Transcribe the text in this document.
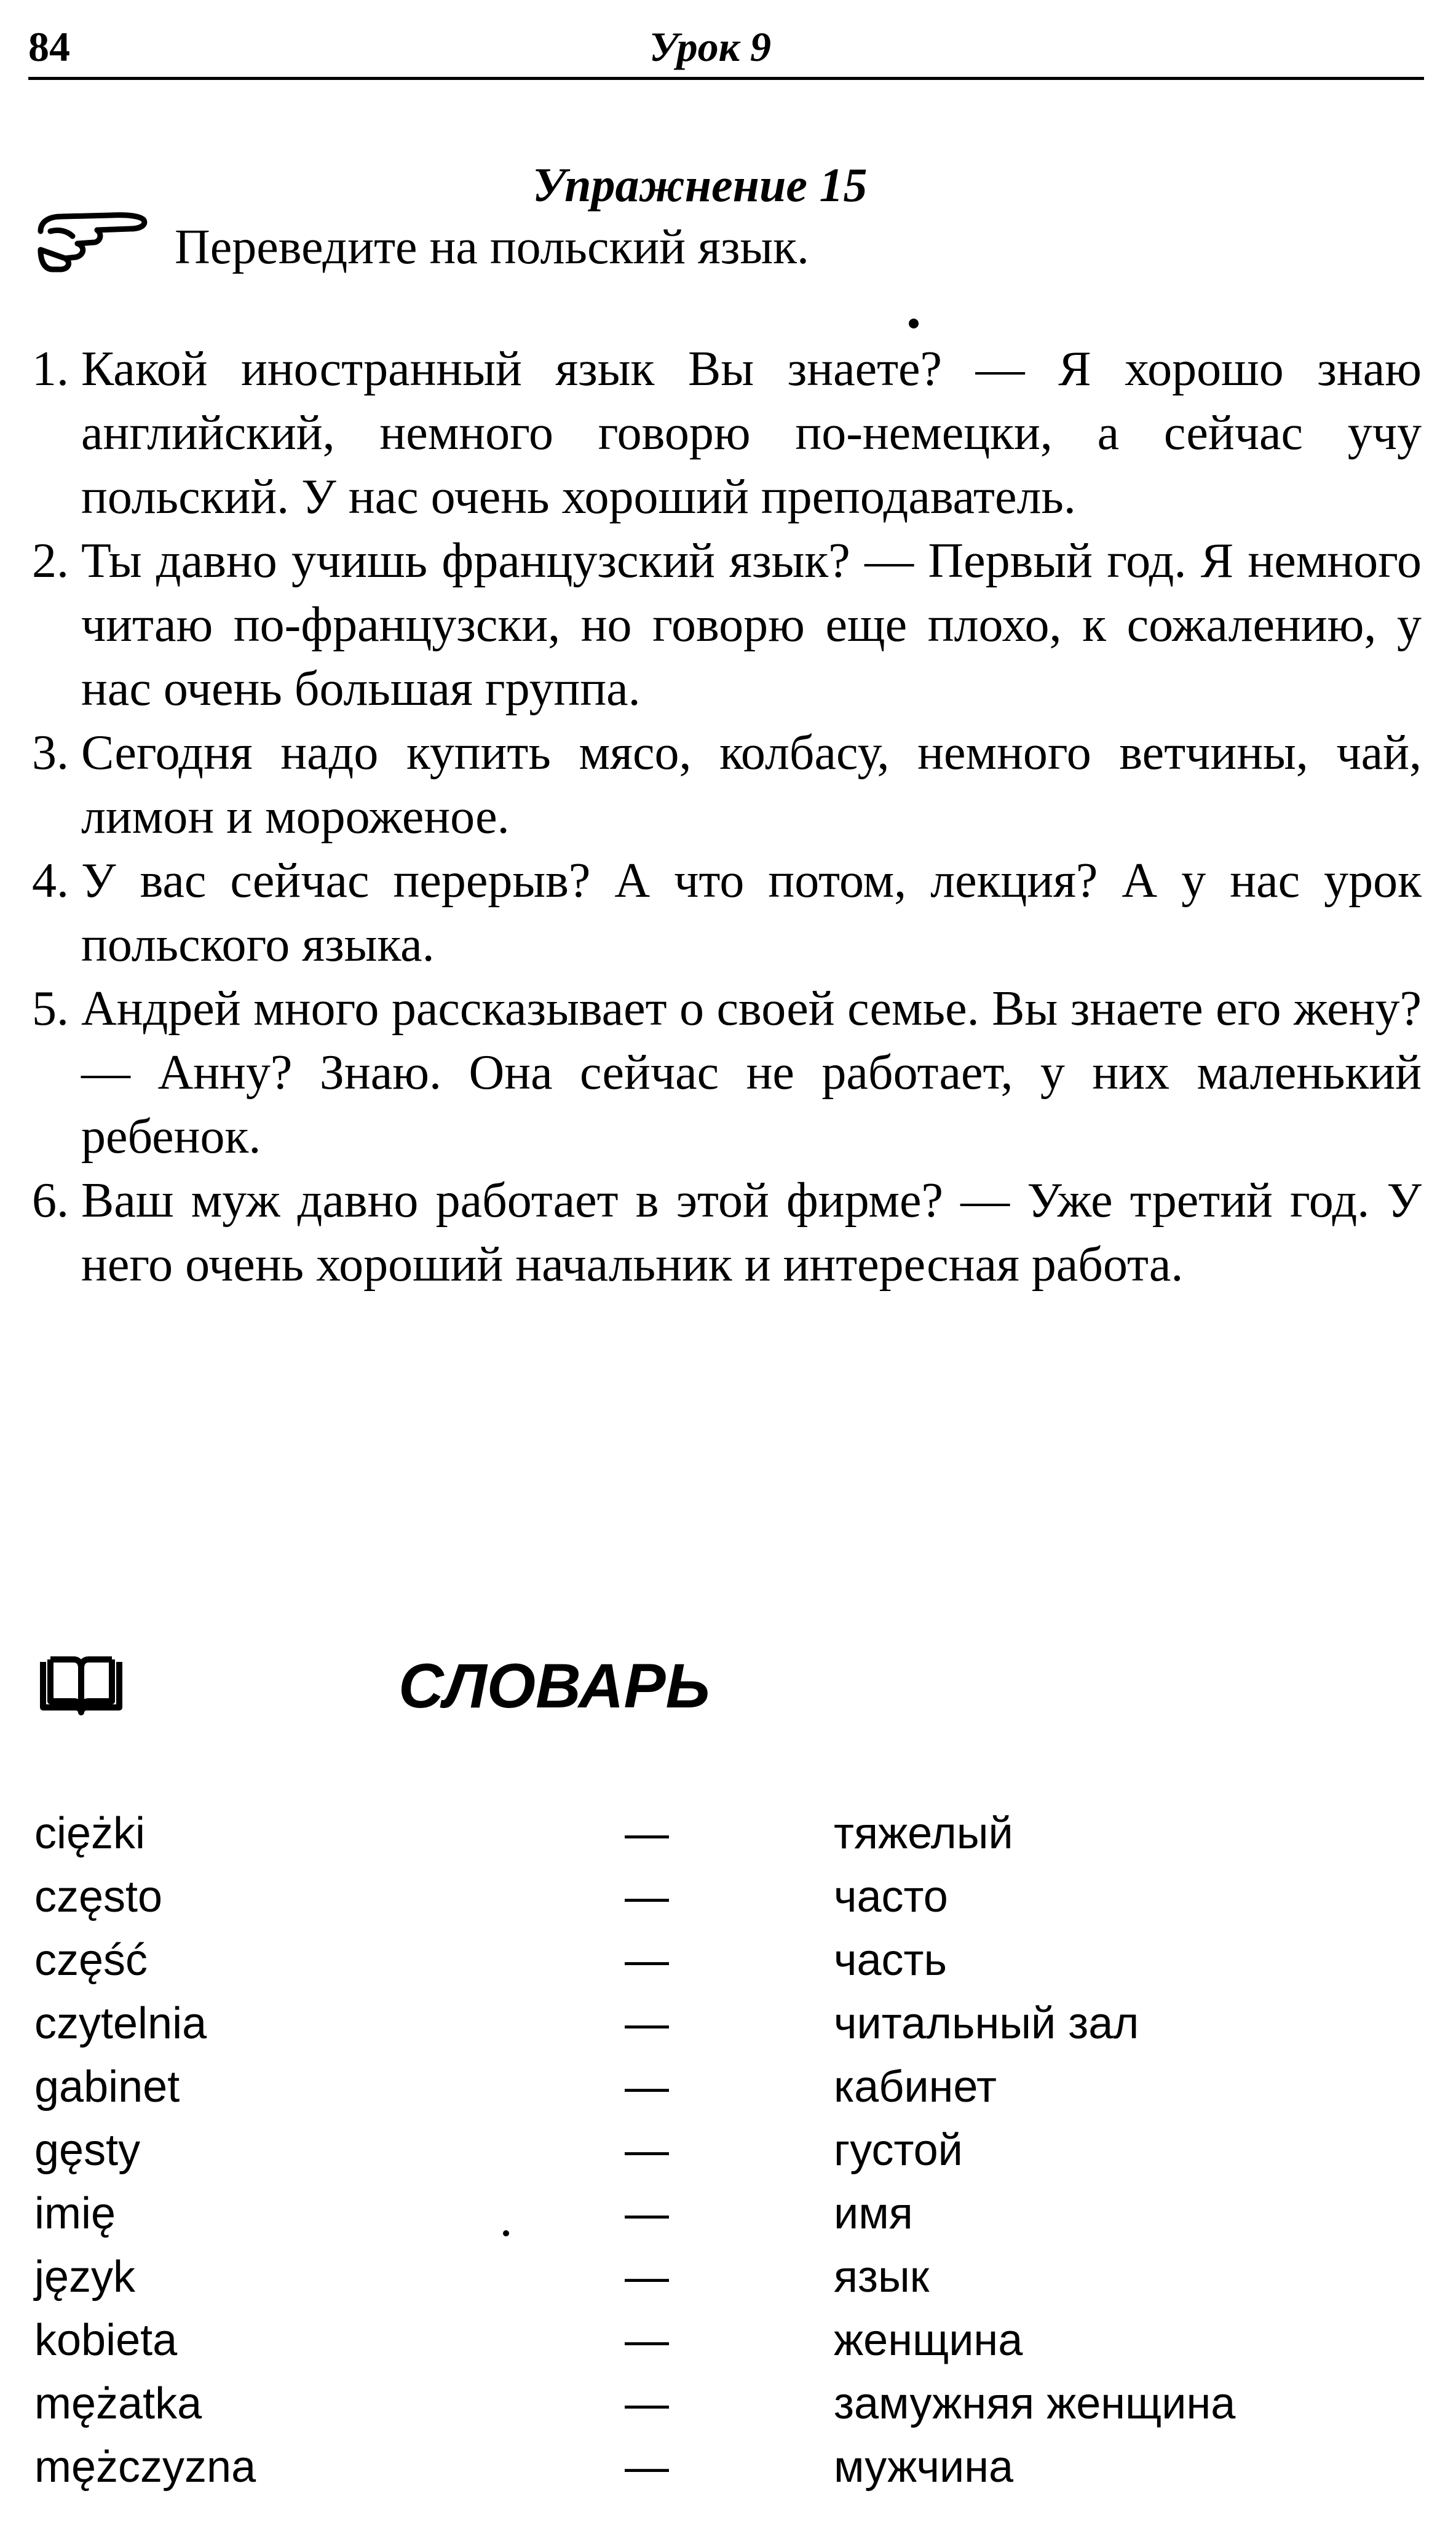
84	Урок 9
Упражнение 15
Переведите на польский язык.
1. Какой иностранный язык Вы знаете? — Я хорошо знаю английский, немного говорю по-немецки, а сейчас учу польский. У нас очень хороший преподаватель.
2. Ты давно учишь французский язык? — Первый год. Я немного читаю по-французски, но говорю еще плохо, к сожалению, у нас очень большая группа.
3. Сегодня надо купить мясо, колбасу, немного ветчины, чай, лимон и мороженое.
4. У вас сейчас перерыв? А что потом, лекция? А у нас урок польского языка.
5. Андрей много рассказывает о своей семье. Вы знаете его жену? — Анну? Знаю. Она сейчас не работает, у них маленький ребенок.
6. Ваш муж давно работает в этой фирме? — Уже третий год. У него очень хороший начальник и интересная работа.
СЛОВАРЬ
ciężki	—	тяжелый
często	—	часто
część	—	часть
czytelnia	—	читальный зал
gabinet	—	кабинет
gęsty	—	густой
imię	—	имя
język	—	язык
kobieta	—	женщина
mężatka	—	замужняя женщина
mężczyzna	—	мужчина
